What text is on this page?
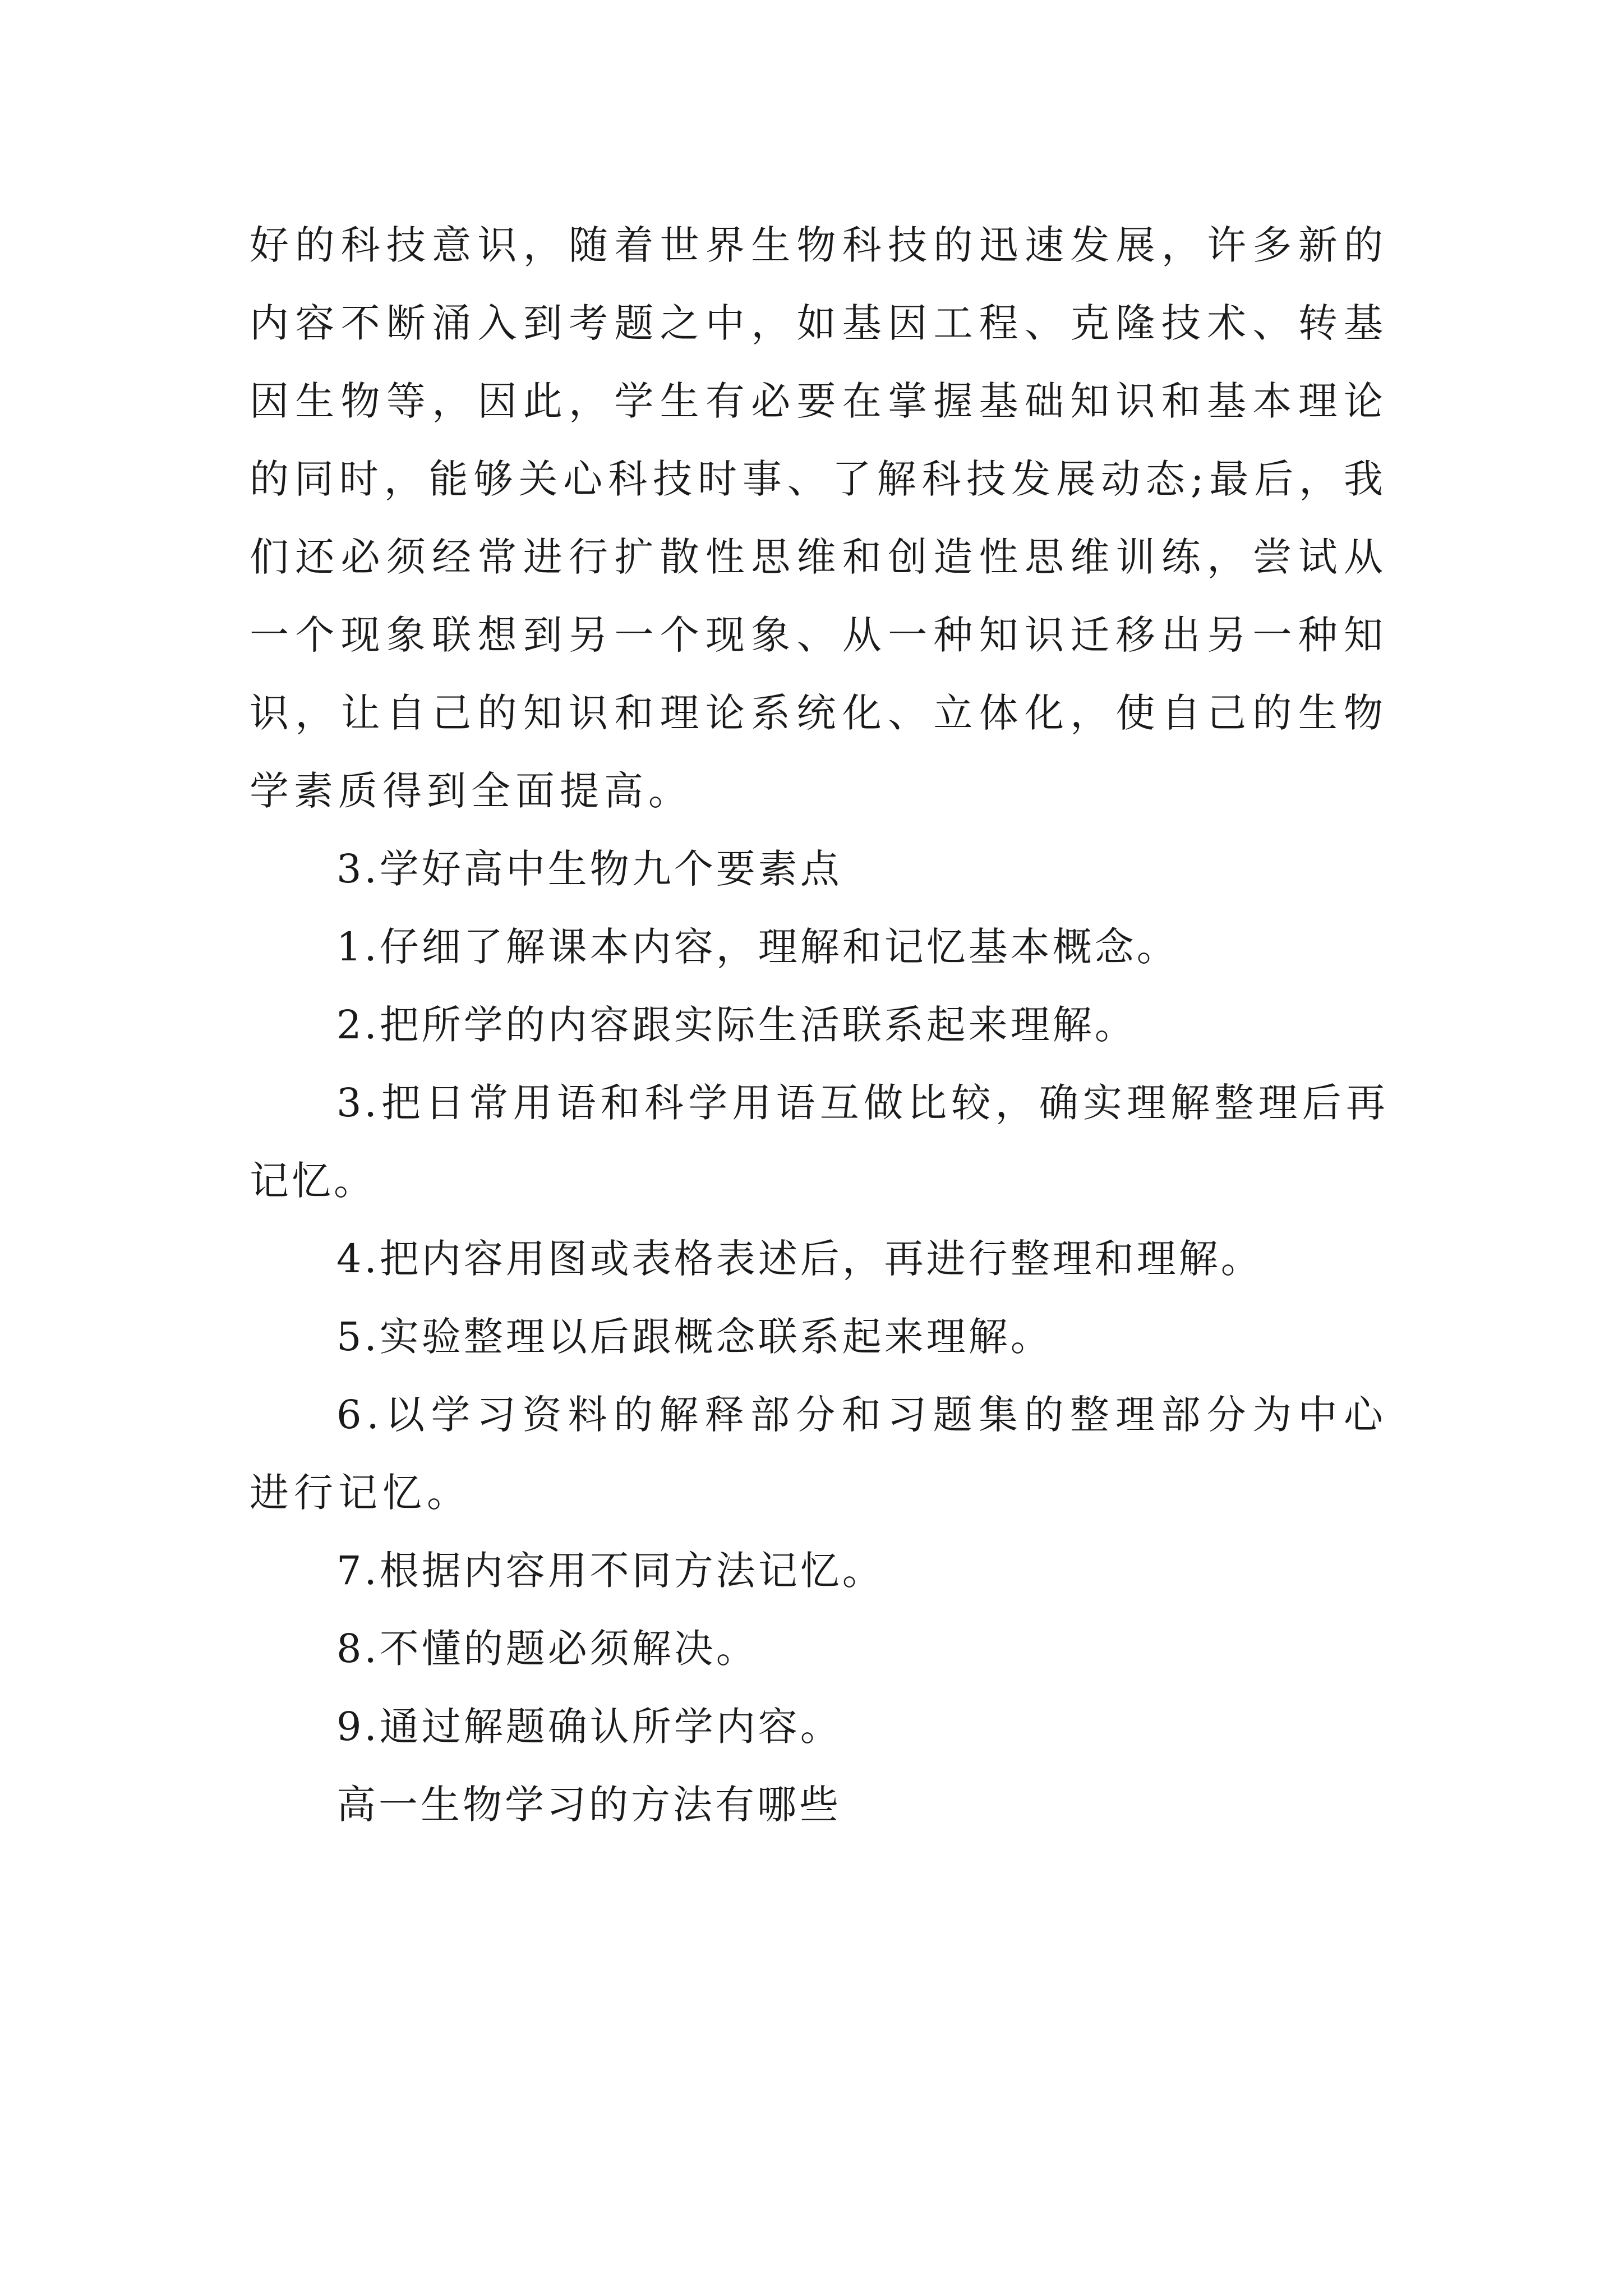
好的科技意识，随着世界生物科技的迅速发展，许多新的内容不断涌入到考题之中，如基因工程、克隆技术、转基因生物等，因此，学生有必要在掌握基础知识和基本理论的同时，能够关心科技时事、了解科技发展动态;最后，我们还必须经常进行扩散性思维和创造性思维训练，尝试从一个现象联想到另一个现象、从一种知识迁移出另一种知识，让自己的知识和理论系统化、立体化，使自己的生物学素质得到全面提高。

3.学好高中生物九个要素点

1.仔细了解课本内容，理解和记忆基本概念。

2.把所学的内容跟实际生活联系起来理解。

3.把日常用语和科学用语互做比较，确实理解整理后再记忆。

4.把内容用图或表格表述后，再进行整理和理解。

5.实验整理以后跟概念联系起来理解。

6.以学习资料的解释部分和习题集的整理部分为中心进行记忆。

7.根据内容用不同方法记忆。

8.不懂的题必须解决。

9.通过解题确认所学内容。

高一生物学习的方法有哪些
